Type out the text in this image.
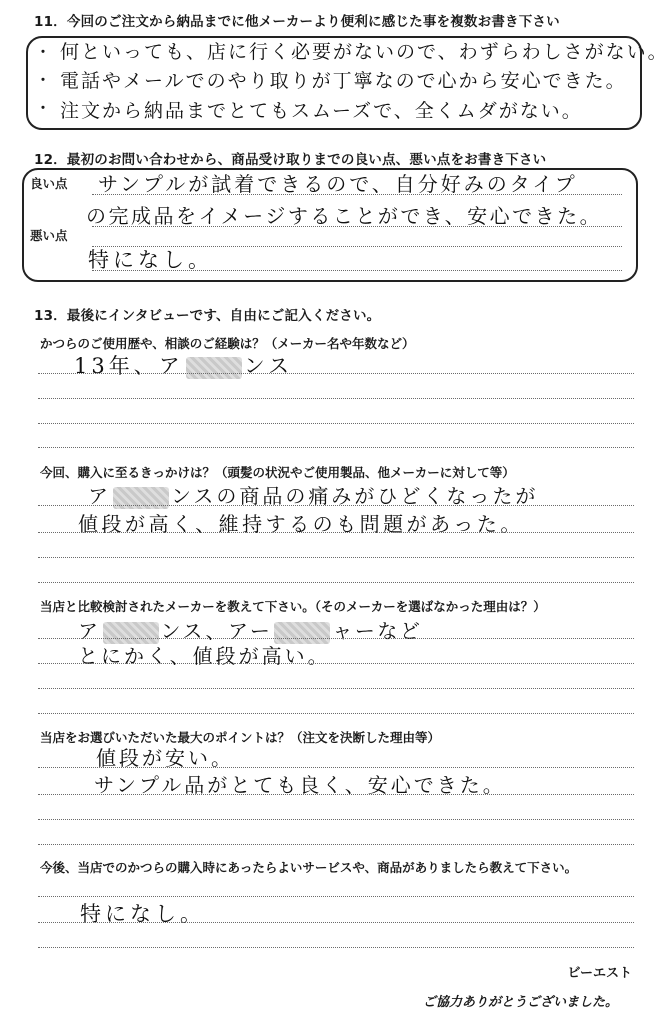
11．今回のご注文から納品までに他メーカーより便利に感じた事を複数お書き下さい
・
・
・
何といっても、店に行く必要がないので、わずらわしさがない。
電話やメールでのやり取りが丁寧なので心から安心できた。
注文から納品までとてもスムーズで、全くムダがない。
12．最初のお問い合わせから、商品受け取りまでの良い点、悪い点をお書き下さい
良い点 サンプルが試着できるので、自分好みのタイプ
の完成品をイメージすることができ、安心できた。
悪い点
特になし。
13．最後にインタビューです、自由にご記入ください。
かつらのご使用歴や、相談のご経験は？（メーカー名や年数など）
13年、ア	ンス
今回、購入に至るきっかけは？（頭髪の状況やご使用製品、他メーカーに対して等）
ア	ンスの商品の痛みがひどくなったが
値段が高く、維持するのも問題があった。
当店と比較検討されたメーカーを教えて下さい。（そのメーカーを選ばなかった理由は？）
ア	ンス、アー	ャーなど
とにかく、値段が高い。
当店をお選びいただいた最大のポイントは？（注文を決断した理由等）
値段が安い。
サンプル品がとても良く、安心できた。
今後、当店でのかつらの購入時にあったらよいサービスや、商品がありましたら教えて下さい。
特になし。
ビーエスト
ご協力ありがとうございました。
